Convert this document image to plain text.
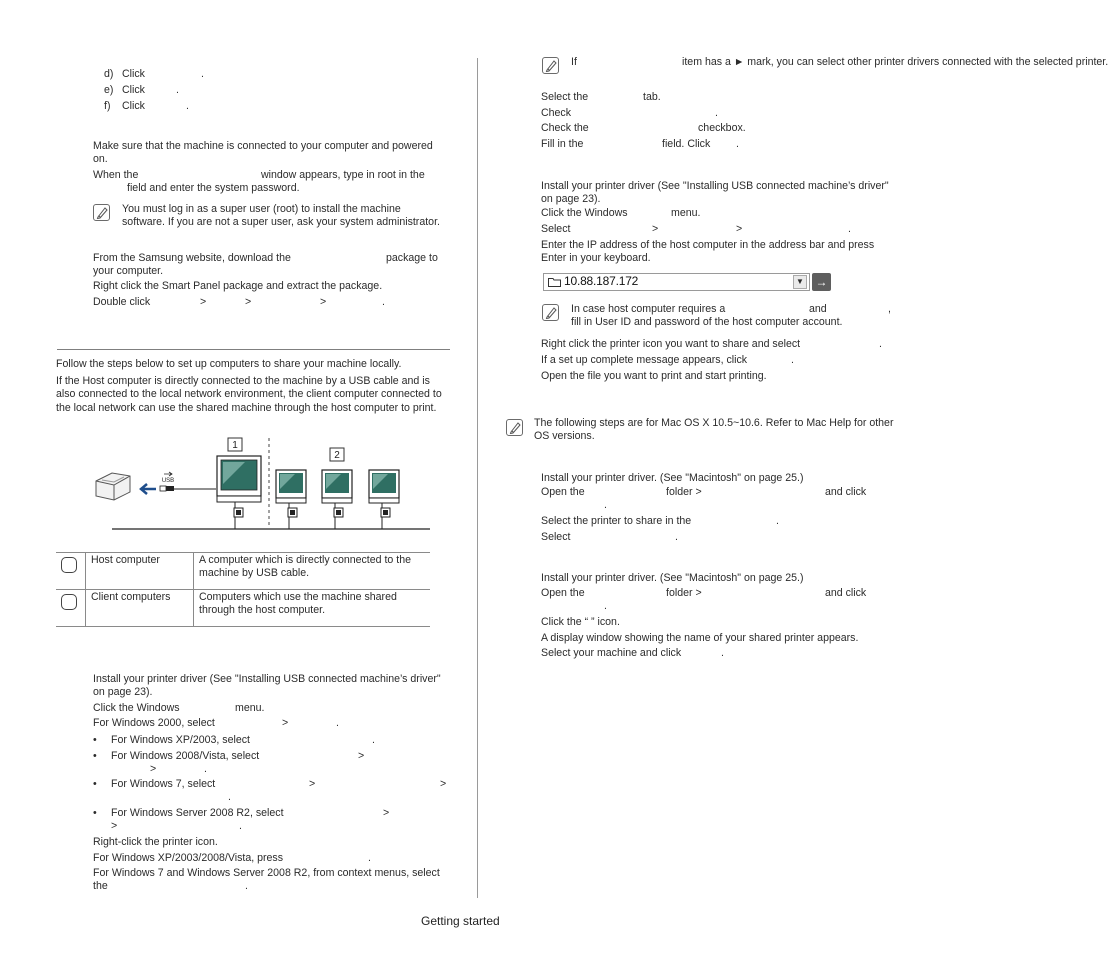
d) Click	.
e) Click	.
f) Click	.
Make sure that the machine is connected to your computer and powered on.
When the	window appears, type in root in the
field and enter the system password.
You must log in as a super user (root) to install the machine software. If you are not a super user, ask your system administrator.
From the Samsung website, download the	package to
your computer.
Right click the Smart Panel package and extract the package.
Double click	>	>	>	.
Follow the steps below to set up computers to share your machine locally.
If the Host computer is directly connected to the machine by a USB cable and is also connected to the local network environment, the client computer connected to the local network can use the shared machine through the host computer to print.
1
2
USB
	Host computer	A computer which is directly connected to the machine by USB cable.

	Client computers	Computers which use the machine shared through the host computer.
Install your printer driver (See "Installing USB connected machine’s driver" on page 23).
Click the Windows	menu.
For Windows 2000, select	>	.
• For Windows XP/2003, select	.
• For Windows 2008/Vista, select	>
>	.
• For Windows 7, select	>	>
.
• For Windows Server 2008 R2, select	>
>	.
Right-click the printer icon.
For Windows XP/2003/2008/Vista, press	.
For Windows 7 and Windows Server 2008 R2, from context menus, select the	.
If	item has a ► mark, you can select other printer drivers connected with the selected printer.
Select the	tab.
Check	.
Check the	checkbox.
Fill in the	field. Click .
Install your printer driver (See "Installing USB connected machine’s driver" on page 23).
Click the Windows	menu.
Select	>	>	.
Enter the IP address of the host computer in the address bar and press Enter in your keyboard.
10.88.187.172	▼ →
In case host computer requires a	and	,
fill in User ID and password of the host computer account.
Right click the printer icon you want to share and select	.
If a set up complete message appears, click	.
Open the file you want to print and start printing.
The following steps are for Mac OS X 10.5~10.6. Refer to Mac Help for other OS versions.
Install your printer driver. (See "Macintosh" on page 25.)
Open the	folder >	and click
.
Select the printer to share in the	.
Select	.
Install your printer driver. (See "Macintosh" on page 25.)
Open the	folder >	and click
.
Click the “ ” icon.
A display window showing the name of your shared printer appears.
Select your machine and click	.
Getting started
